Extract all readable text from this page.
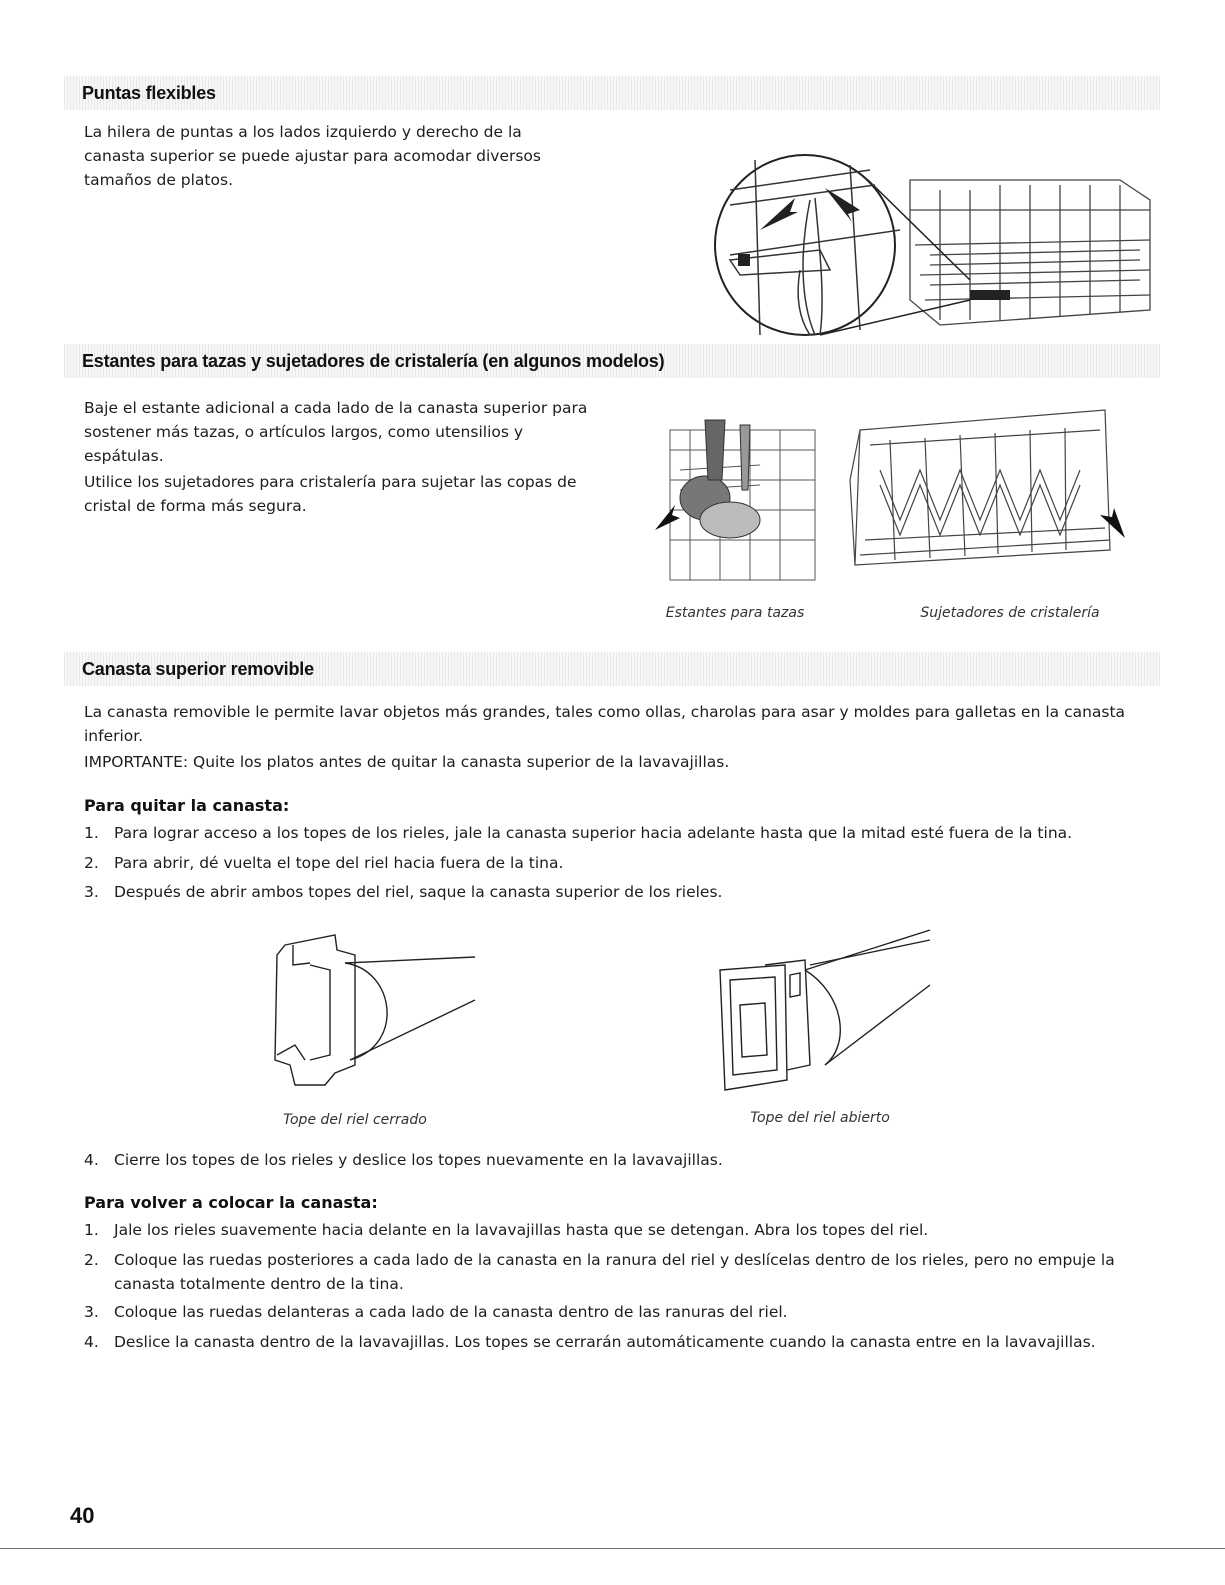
Puntas flexibles

La hilera de puntas a los lados izquierdo y derecho de la canasta superior se puede ajustar para acomodar diversos tamaños de platos.

Estantes para tazas y sujetadores de cristalería (en algunos modelos)

Baje el estante adicional a cada lado de la canasta superior para sostener más tazas, o artículos largos, como utensilios y espátulas.

Utilice los sujetadores para cristalería para sujetar las copas de cristal de forma más segura.

Estantes para tazas	Sujetadores de cristalería
Canasta superior removible

La canasta removible le permite lavar objetos más grandes, tales como ollas, charolas para asar y moldes para galletas en la canasta inferior.

IMPORTANTE: Quite los platos antes de quitar la canasta superior de la lavavajillas.

Para quitar la canasta:

1. Para lograr acceso a los topes de los rieles, jale la canasta superior hacia adelante hasta que la mitad esté fuera de la tina.
2. Para abrir, dé vuelta el tope del riel hacia fuera de la tina.
3. Después de abrir ambos topes del riel, saque la canasta superior de los rieles.
Tope del riel cerrado	Tope del riel abierto
4. Cierre los topes de los rieles y deslice los topes nuevamente en la lavavajillas.

Para volver a colocar la canasta:

1. Jale los rieles suavemente hacia delante en la lavavajillas hasta que se detengan. Abra los topes del riel.
2. Coloque las ruedas posteriores a cada lado de la canasta en la ranura del riel y deslícelas dentro de los rieles, pero no empuje la canasta totalmente dentro de la tina.
3. Coloque las ruedas delanteras a cada lado de la canasta dentro de las ranuras del riel.
4. Deslice la canasta dentro de la lavavajillas. Los topes se cerrarán automáticamente cuando la canasta entre en la lavavajillas.
40
